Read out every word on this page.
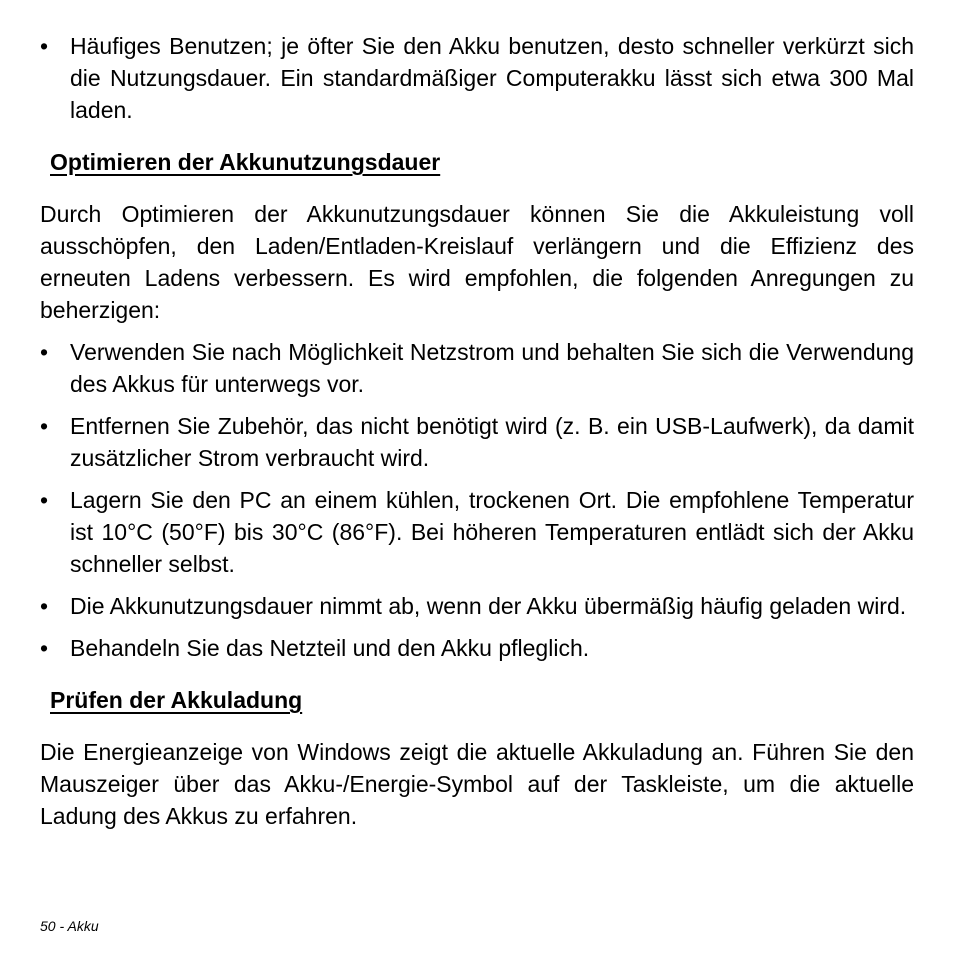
• Häufiges Benutzen; je öfter Sie den Akku benutzen, desto schneller verkürzt sich die Nutzungsdauer. Ein standardmäßiger Computerakku lässt sich etwa 300 Mal laden.
Optimieren der Akkunutzungsdauer

Durch Optimieren der Akkunutzungsdauer können Sie die Akkuleistung voll ausschöpfen, den Laden/Entladen-Kreislauf verlängern und die Effizienz des erneuten Ladens verbessern. Es wird empfohlen, die folgenden Anregungen zu beherzigen:

• Verwenden Sie nach Möglichkeit Netzstrom und behalten Sie sich die Verwendung des Akkus für unterwegs vor.
• Entfernen Sie Zubehör, das nicht benötigt wird (z. B. ein USB-Laufwerk), da damit zusätzlicher Strom verbraucht wird.
• Lagern Sie den PC an einem kühlen, trockenen Ort. Die empfohlene Temperatur ist 10°C (50°F) bis 30°C (86°F). Bei höheren Temperaturen entlädt sich der Akku schneller selbst.
• Die Akkunutzungsdauer nimmt ab, wenn der Akku übermäßig häufig geladen wird.
• Behandeln Sie das Netzteil und den Akku pfleglich.
Prüfen der Akkuladung

Die Energieanzeige von Windows zeigt die aktuelle Akkuladung an. Führen Sie den Mauszeiger über das Akku-/Energie-Symbol auf der Taskleiste, um die aktuelle Ladung des Akkus zu erfahren.

50 - Akku
